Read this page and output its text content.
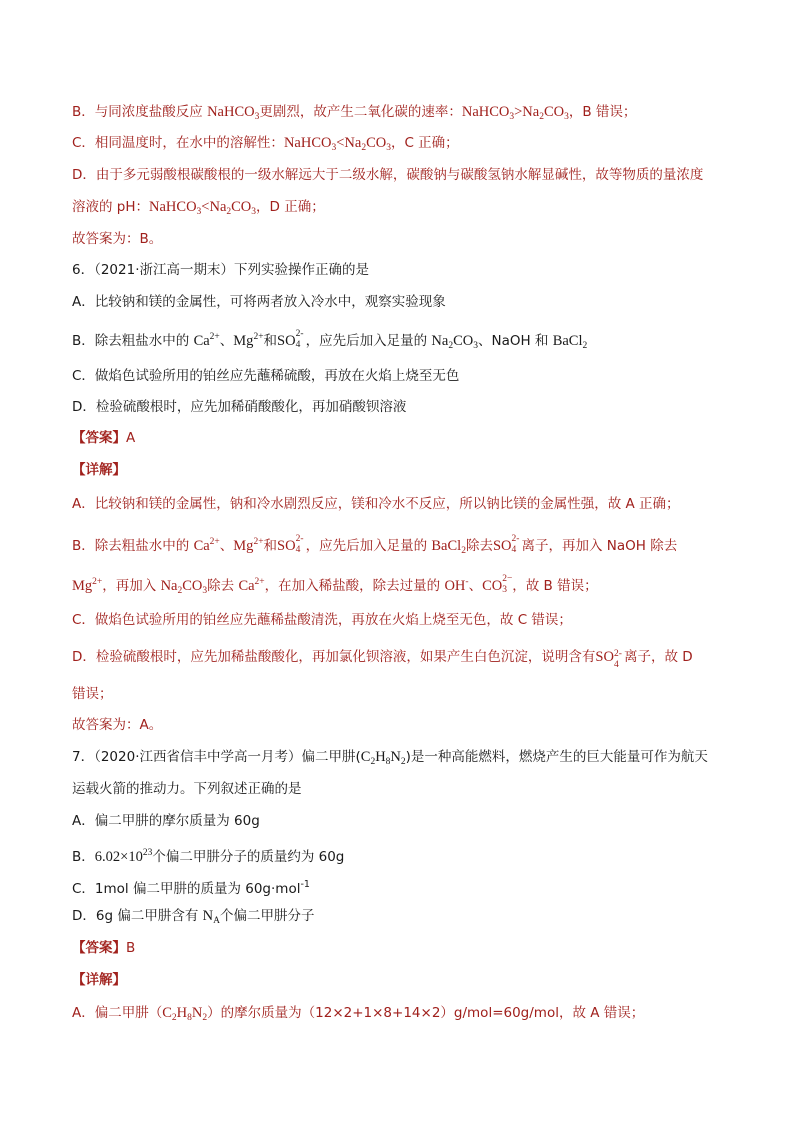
B．与同浓度盐酸反应 NaHCO$_3$更剧烈，故产生二氧化碳的速率：$NaHCO_3>Na_2CO_3$，B 错误；
C．相同温度时，在水中的溶解性：$NaHCO_3<Na_2CO_3$，C 正确；
D．由于多元弱酸根碳酸根的一级水解远大于二级水解，碳酸钠与碳酸氢钠水解显碱性，故等物质的量浓度
溶液的 pH：$NaHCO_3<Na_2CO_3$，D 正确；
故答案为：B。
6．（2021·浙江高一期末）下列实验操作正确的是
A．比较钠和镁的金属性，可将两者放入冷水中，观察实验现象
B．除去粗盐水中的 $Ca^{2+}$、$Mg^{2+}$和SO 2-
4 ，应先后加入足量的 $Na_2CO_3$、NaOH 和 BaCl$_2$
C．做焰色试验所用的铂丝应先蘸稀硫酸，再放在火焰上烧至无色
D．检验硫酸根时，应先加稀硝酸酸化，再加硝酸钡溶液
【答案】A
【详解】
A．比较钠和镁的金属性，钠和冷水剧烈反应，镁和冷水不反应，所以钠比镁的金属性强，故 A 正确；
B．除去粗盐水中的 $Ca^{2+}$、$Mg^{2+}$和SO 2-
4 ，应先后加入足量的 BaCl$_2$除去SO 2-
4 离子，再加入 NaOH 除去
$Mg^{2+}$，再加入 $Na_2CO_3$除去 $Ca^{2+}$，在加入稀盐酸，除去过量的 OH-、CO 2−
3 ，故 B 错误；
C．做焰色试验所用的铂丝应先蘸稀盐酸清洗，再放在火焰上烧至无色，故 C 错误；
D．检验硫酸根时，应先加稀盐酸酸化，再加氯化钡溶液，如果产生白色沉淀，说明含有SO 2-
4 离子，故 D
错误；
故答案为：A。
7．（2020·江西省信丰中学高一月考）偏二甲肼$(C_2H_8N_2)$是一种高能燃料，燃烧产生的巨大能量可作为航天
运载火箭的推动力。下列叙述正确的是
A．偏二甲肼的摩尔质量为 60g
B．$6.02\times 10^{23}$个偏二甲肼分子的质量约为 60g
C．1mol 偏二甲肼的质量为 60g·mol$^{-1}$
D．6g 偏二甲肼含有 $N_A$个偏二甲肼分子
【答案】B
【详解】
A．偏二甲肼$(C_2H_8N_2)$的摩尔质量为（12×2+1×8+14×2）g/mol=60g/mol，故 A 错误；
